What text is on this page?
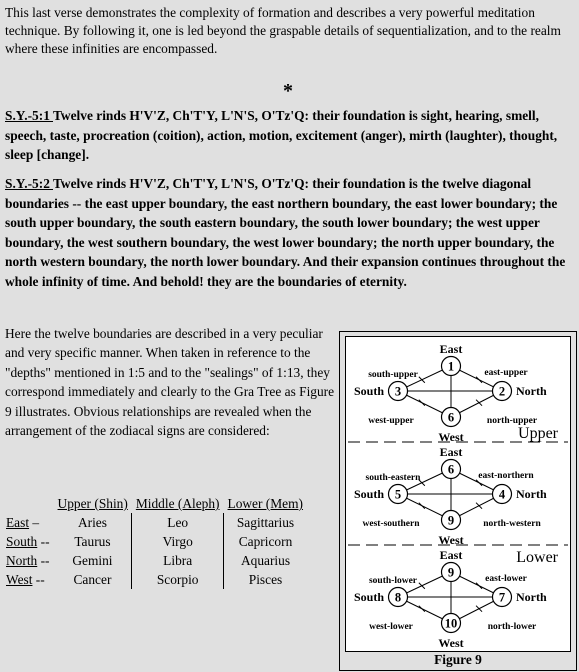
This last verse demonstrates the complexity of formation and describes a very powerful meditation technique. By following it, one is led beyond the graspable details of sequentialization, and to the realm where these infinities are encompassed.
*
S.Y.-5:1 Twelve rinds H'V'Z, Ch'T'Y, L'N'S, O'Tz'Q: their foundation is sight, hearing, smell, speech, taste, procreation (coition), action, motion, excitement (anger), mirth (laughter), thought, sleep [change].
S.Y.-5:2 Twelve rinds H'V'Z, Ch'T'Y, L'N'S, O'Tz'Q: their foundation is the twelve diagonal boundaries -- the east upper boundary, the east northern boundary, the east lower boundary; the south upper boundary, the south eastern boundary, the south lower boundary; the west upper boundary, the west southern boundary, the west lower boundary; the north upper boundary, the north western boundary, the north lower boundary. And their expansion continues throughout the whole infinity of time. And behold! they are the boundaries of eternity.
Here the twelve boundaries are described in a very peculiar and very specific manner. When taken in reference to the "depths" mentioned in 1:5 and to the "sealings" of 1:13, they correspond immediately and clearly to the Gra Tree as Figure 9 illustrates. Obvious relationships are revealed when the arrangement of the zodiacal signs are considered:
	Upper (Shin)	Middle (Aleph)	Lower (Mem)
East –	Aries	Leo	Sagittarius
South --	Taurus	Virgo	Capricorn
North --	Gemini	Libra	Aquarius
West --	Cancer	Scorpio	Pisces
1
3	2
6
East
South	North
West
south-upper	east-upper
west-upper	north-upper
6
5	4
9
East
South	North
West
south-eastern	east-northern
west-southern	north-western
9
8	7
10
East
South	North
West
south-lower	east-lower
west-lower	north-lower
Upper
Lower
Figure 9
